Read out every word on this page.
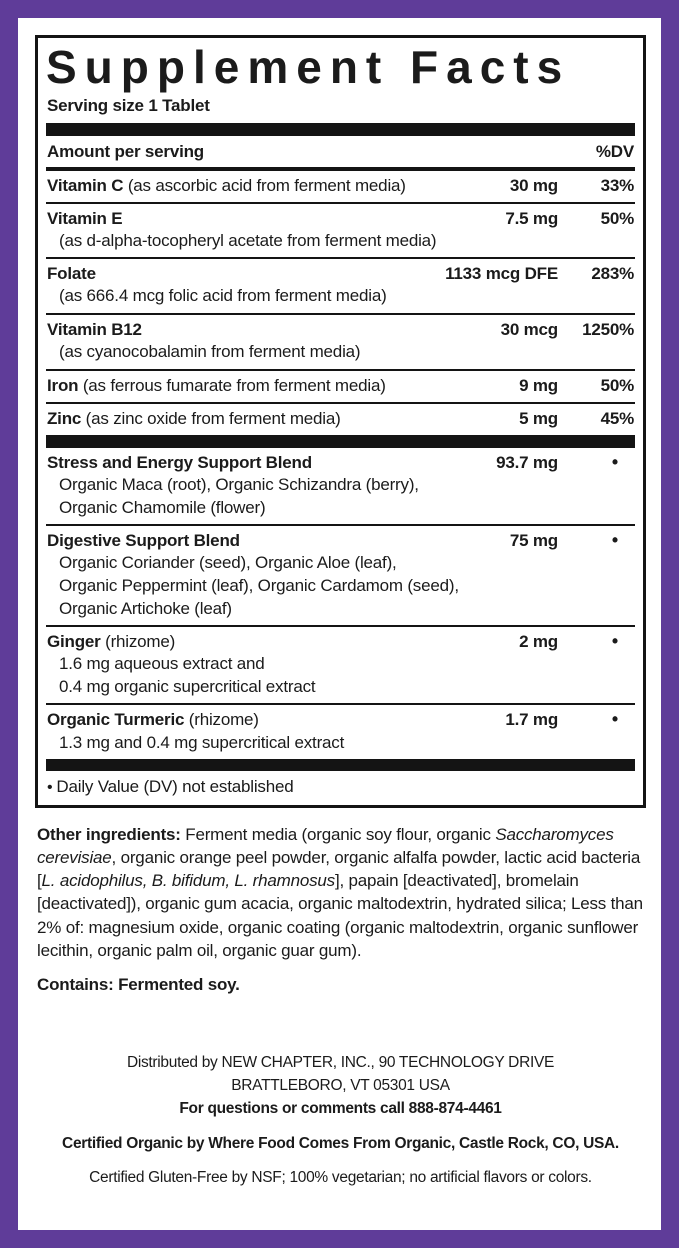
Supplement Facts
Serving size 1 Tablet
Amount per serving	%DV
Vitamin C (as ascorbic acid from ferment media)	30 mg	33%
Vitamin E	7.5 mg	50%
(as d-alpha-tocopheryl acetate from ferment media)
Folate	1133 mcg DFE	283%
(as 666.4 mcg folic acid from ferment media)
Vitamin B12	30 mcg	1250%
(as cyanocobalamin from ferment media)
Iron (as ferrous fumarate from ferment media)	9 mg	50%
Zinc (as zinc oxide from ferment media)	5 mg	45%
Stress and Energy Support Blend	93.7 mg	•
Organic Maca (root), Organic Schizandra (berry),
Organic Chamomile (flower)
Digestive Support Blend	75 mg	•
Organic Coriander (seed), Organic Aloe (leaf),
Organic Peppermint (leaf), Organic Cardamom (seed),
Organic Artichoke (leaf)
Ginger (rhizome)	2 mg	•
1.6 mg aqueous extract and
0.4 mg organic supercritical extract
Organic Turmeric (rhizome)	1.7 mg	•
1.3 mg and 0.4 mg supercritical extract
• Daily Value (DV) not established

Other ingredients: Ferment media (organic soy flour, organic Saccharomyces cerevisiae, organic orange peel powder, organic alfalfa powder, lactic acid bacteria [L. acidophilus, B. bifidum, L. rhamnosus], papain [deactivated], bromelain [deactivated]), organic gum acacia, organic maltodextrin, hydrated silica; Less than 2% of: magnesium oxide, organic coating (organic maltodextrin, organic sunflower lecithin, organic palm oil, organic guar gum).

Contains: Fermented soy.

Distributed by NEW CHAPTER, INC., 90 TECHNOLOGY DRIVE
BRATTLEBORO, VT 05301 USA
For questions or comments call 888-874-4461
Certified Organic by Where Food Comes From Organic, Castle Rock, CO, USA.
Certified Gluten-Free by NSF; 100% vegetarian; no artificial flavors or colors.
